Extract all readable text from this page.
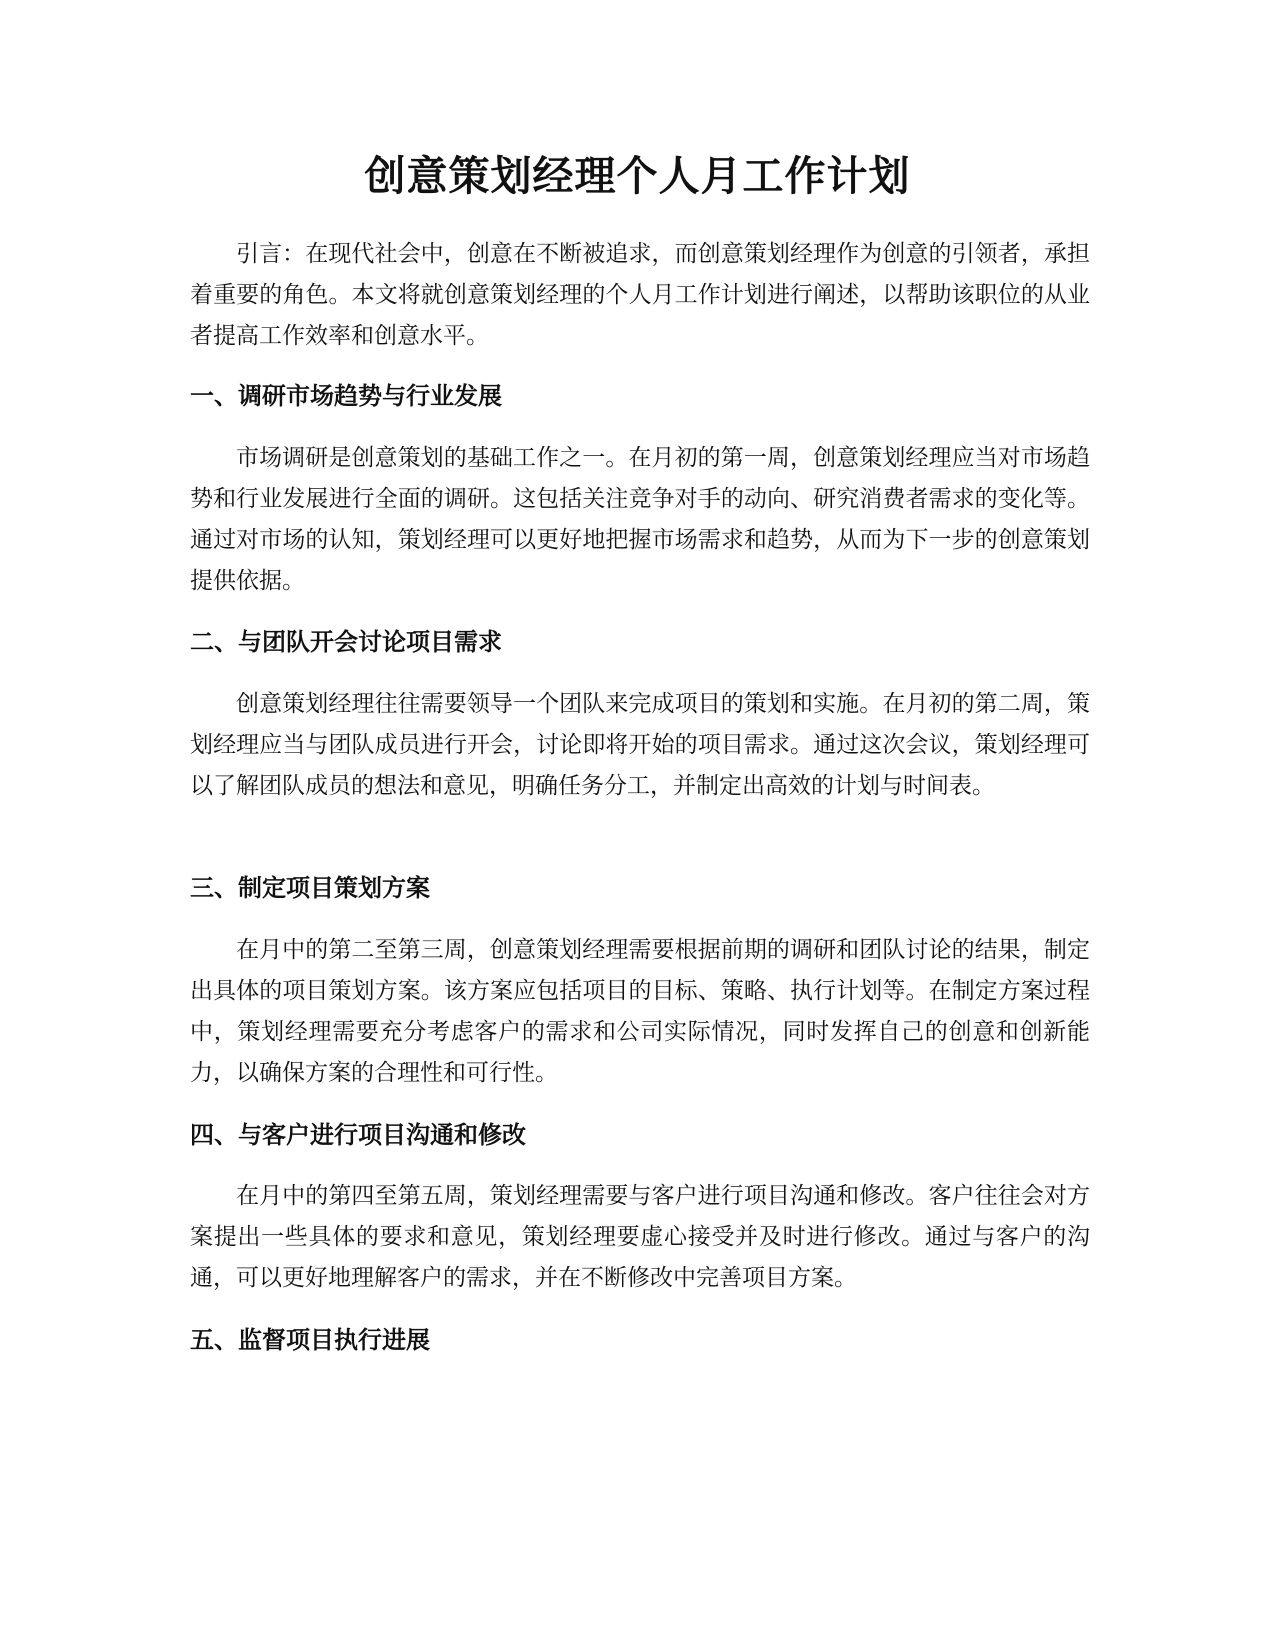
创意策划经理个人月工作计划

引言：在现代社会中，创意在不断被追求，而创意策划经理作为创意的引领者，承担着重要的角色。本文将就创意策划经理的个人月工作计划进行阐述，以帮助该职位的从业者提高工作效率和创意水平。

一、调研市场趋势与行业发展

市场调研是创意策划的基础工作之一。在月初的第一周，创意策划经理应当对市场趋势和行业发展进行全面的调研。这包括关注竞争对手的动向、研究消费者需求的变化等。通过对市场的认知，策划经理可以更好地把握市场需求和趋势，从而为下一步的创意策划提供依据。

二、与团队开会讨论项目需求

创意策划经理往往需要领导一个团队来完成项目的策划和实施。在月初的第二周，策划经理应当与团队成员进行开会，讨论即将开始的项目需求。通过这次会议，策划经理可以了解团队成员的想法和意见，明确任务分工，并制定出高效的计划与时间表。

三、制定项目策划方案

在月中的第二至第三周，创意策划经理需要根据前期的调研和团队讨论的结果，制定出具体的项目策划方案。该方案应包括项目的目标、策略、执行计划等。在制定方案过程中，策划经理需要充分考虑客户的需求和公司实际情况，同时发挥自己的创意和创新能力，以确保方案的合理性和可行性。

四、与客户进行项目沟通和修改

在月中的第四至第五周，策划经理需要与客户进行项目沟通和修改。客户往往会对方案提出一些具体的要求和意见，策划经理要虚心接受并及时进行修改。通过与客户的沟通，可以更好地理解客户的需求，并在不断修改中完善项目方案。

五、监督项目执行进展
